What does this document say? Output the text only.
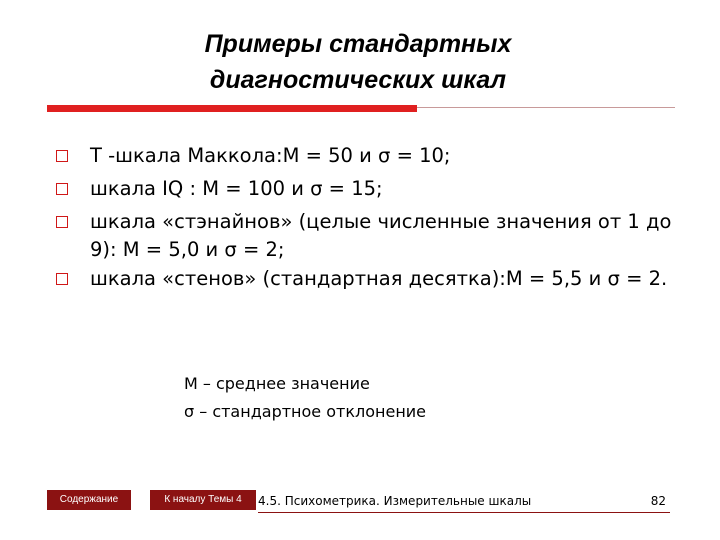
Примеры стандартных
диагностических шкал
Т -шкала Маккола:M = 50 и σ = 10;
шкала IQ : M = 100 и σ = 15;
шкала «стэнайнов» (целые численные значения от 1 до 9): M = 5,0 и σ = 2;
шкала «стенов» (стандартная десятка):M = 5,5 и σ = 2.
M – среднее значение
σ – стандартное отклонение
Содержание	К началу Темы 4	4.5. Психометрика. Измерительные шкалы	82
